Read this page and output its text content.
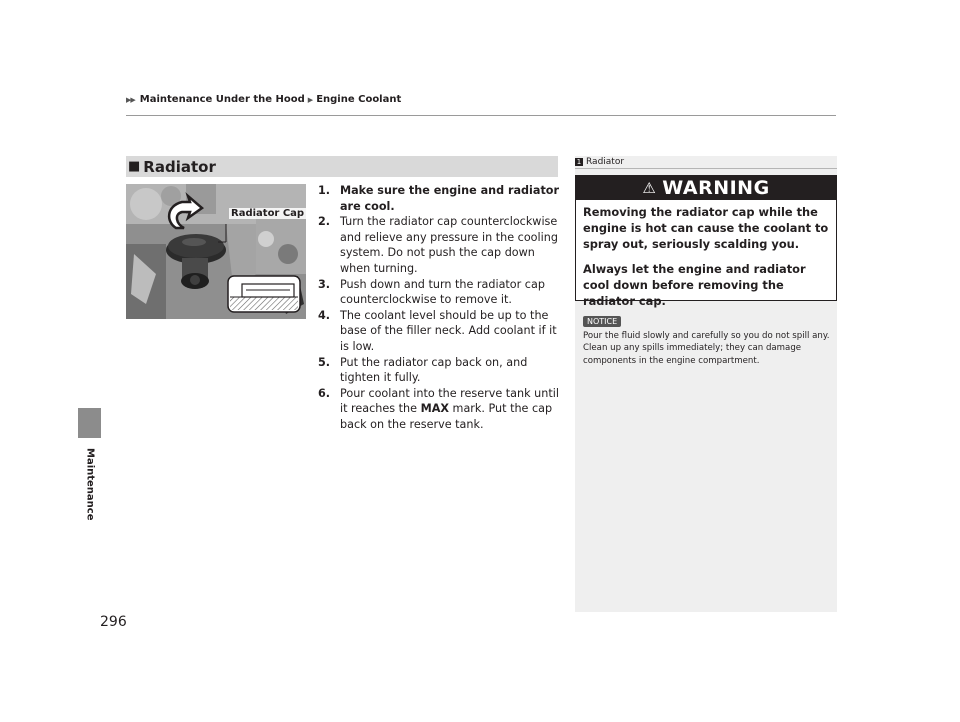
▶▶ Maintenance Under the Hood ▶ Engine Coolant
Maintenance
■ Radiator
Radiator Cap
1. Make sure the engine and radiator are cool.
2. Turn the radiator cap counterclockwise and relieve any pressure in the cooling system. Do not push the cap down when turning.
3. Push down and turn the radiator cap counterclockwise to remove it.
4. The coolant level should be up to the base of the filler neck. Add coolant if it is low.
5. Put the radiator cap back on, and tighten it fully.
6. Pour coolant into the reserve tank until it reaches the MAX mark. Put the cap back on the reserve tank.
1 Radiator
⚠ WARNING

Removing the radiator cap while the engine is hot can cause the coolant to spray out, seriously scalding you.

Always let the engine and radiator cool down before removing the radiator cap.

NOTICE
Pour the fluid slowly and carefully so you do not spill any. Clean up any spills immediately; they can damage components in the engine compartment.
296
